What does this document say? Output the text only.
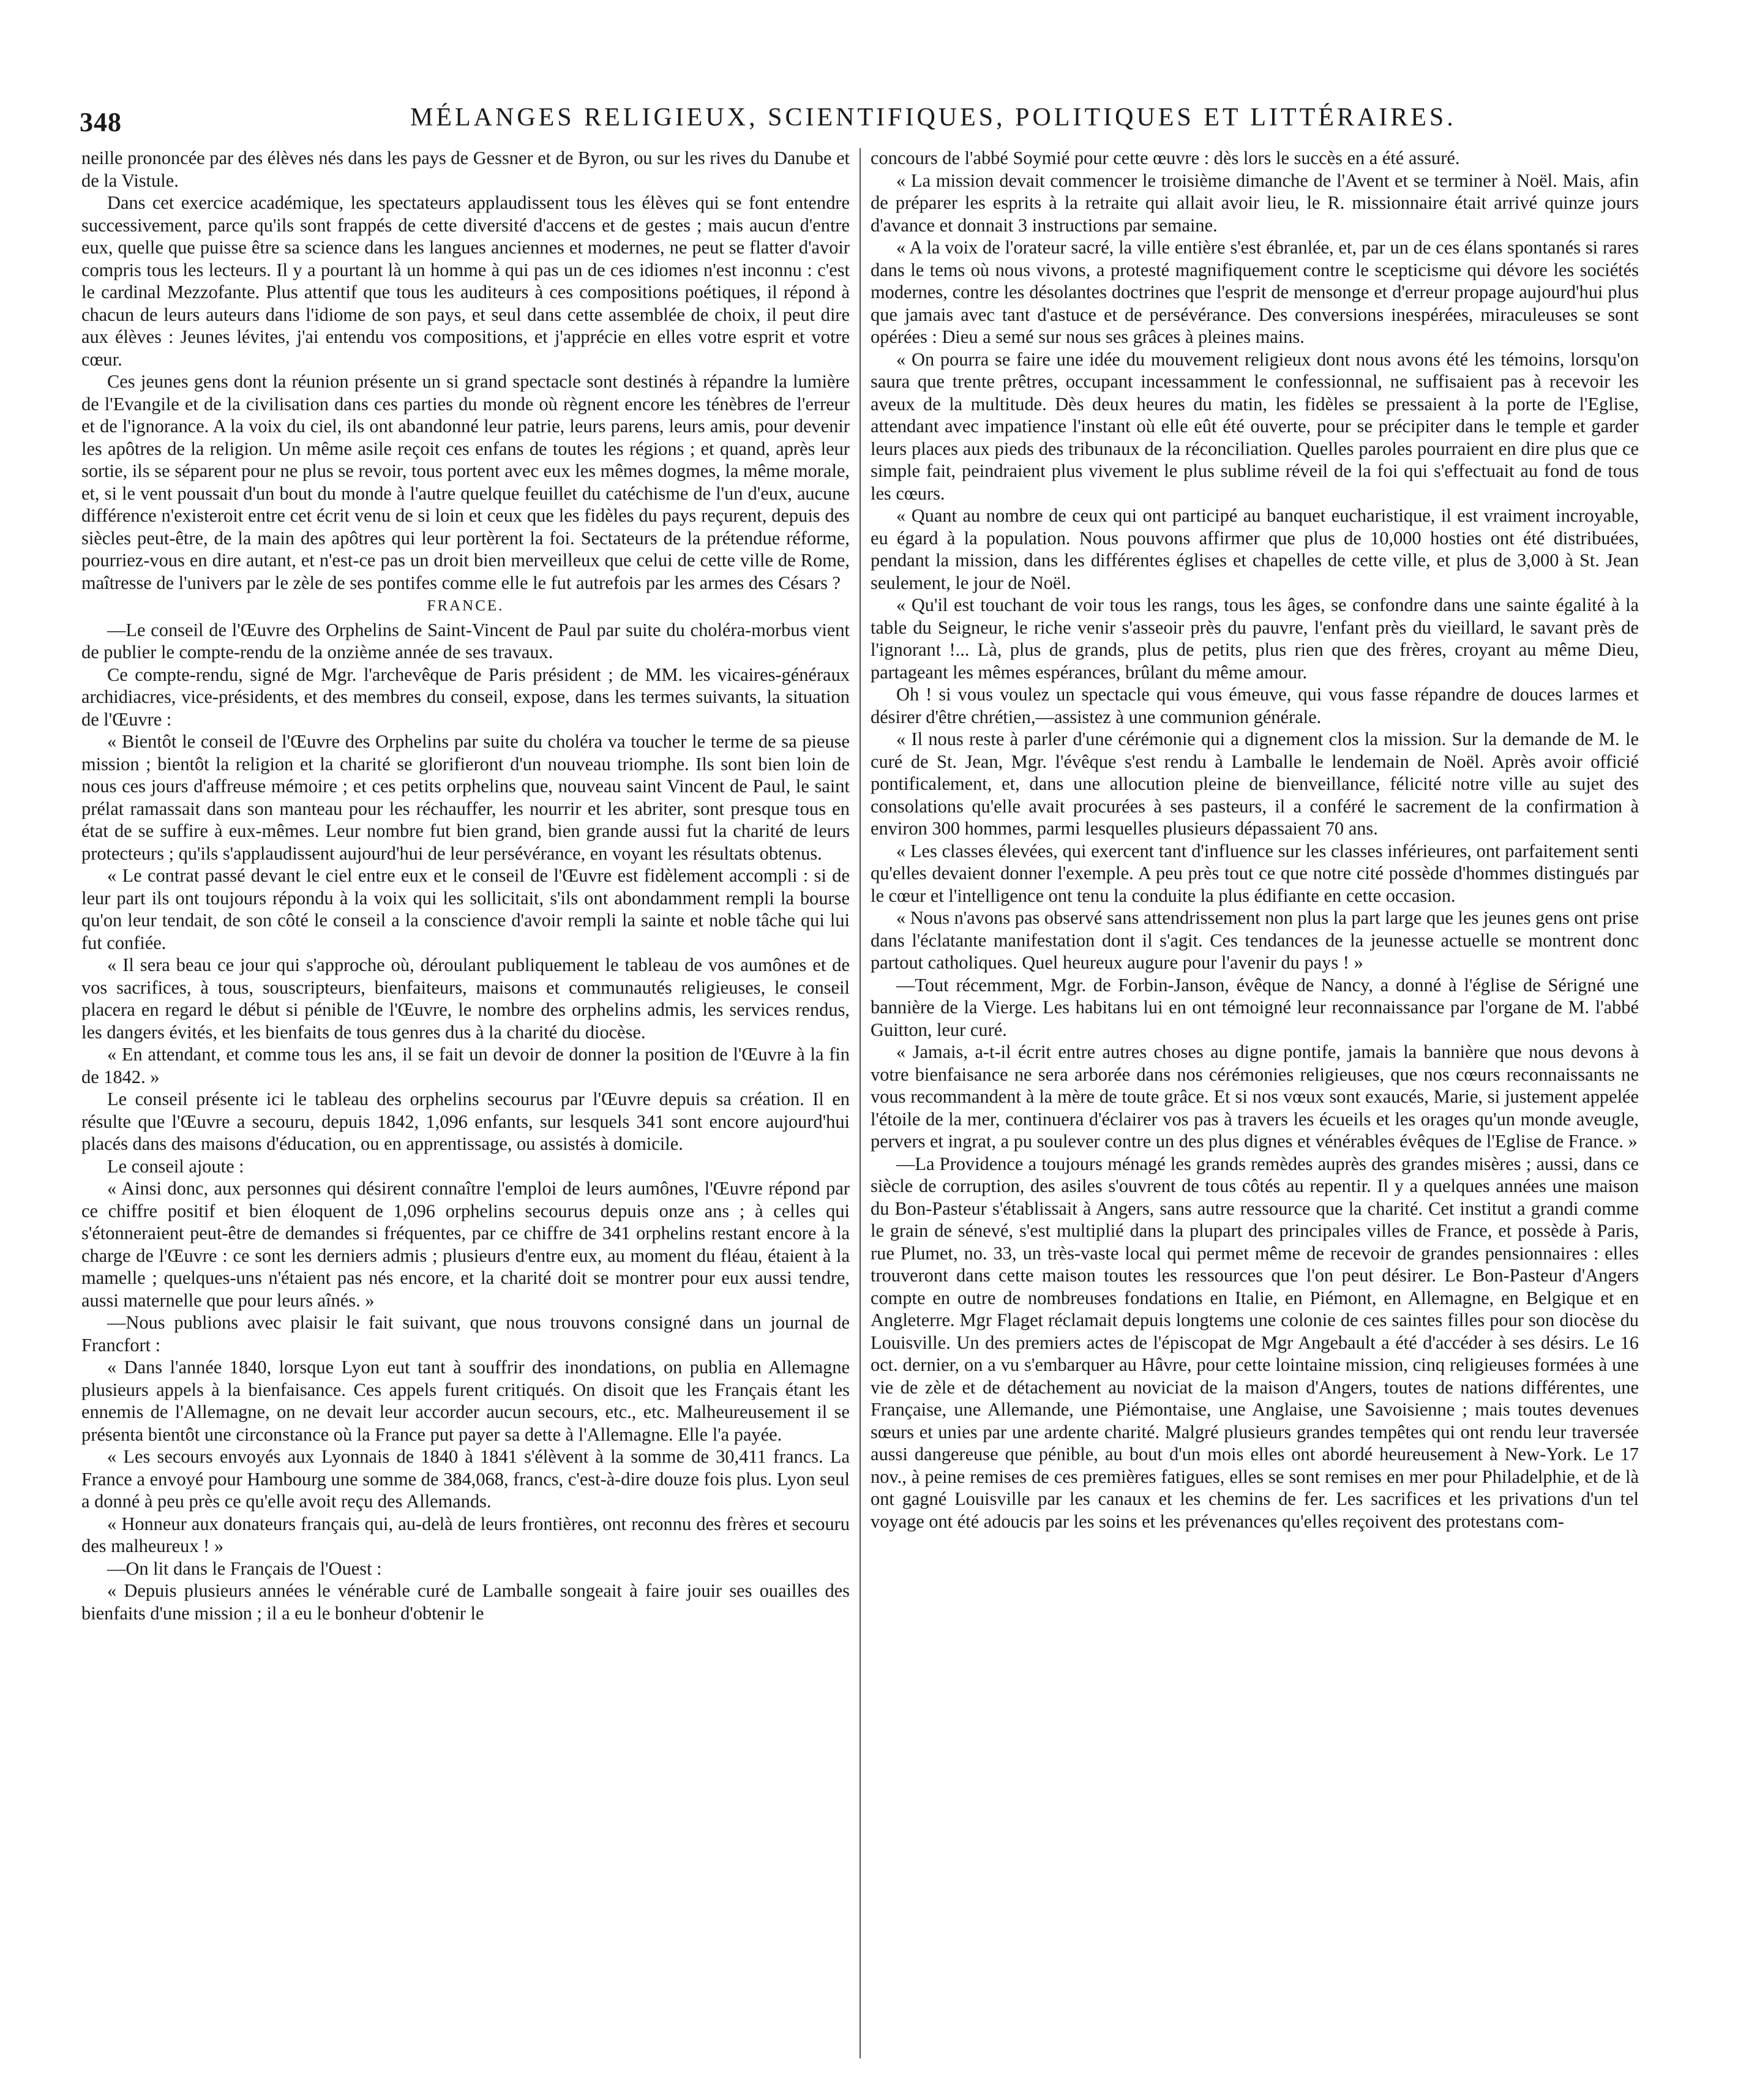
348	MÉLANGES RELIGIEUX, SCIENTIFIQUES, POLITIQUES ET LITTÉRAIRES.

neille prononcée par des élèves nés dans les pays de Gessner et de Byron, ou sur les rives du Danube et de la Vistule.

Dans cet exercice académique, les spectateurs applaudissent tous les élèves qui se font entendre successivement, parce qu'ils sont frappés de cette diversité d'accens et de gestes ; mais aucun d'entre eux, quelle que puisse être sa science dans les langues anciennes et modernes, ne peut se flatter d'avoir compris tous les lecteurs. Il y a pourtant là un homme à qui pas un de ces idiomes n'est inconnu : c'est le cardinal Mezzofante. Plus attentif que tous les auditeurs à ces compositions poétiques, il répond à chacun de leurs auteurs dans l'idiome de son pays, et seul dans cette assemblée de choix, il peut dire aux élèves : Jeunes lévites, j'ai entendu vos compositions, et j'apprécie en elles votre esprit et votre cœur.

Ces jeunes gens dont la réunion présente un si grand spectacle sont destinés à répandre la lumière de l'Evangile et de la civilisation dans ces parties du monde où règnent encore les ténèbres de l'erreur et de l'ignorance. A la voix du ciel, ils ont abandonné leur patrie, leurs parens, leurs amis, pour devenir les apôtres de la religion. Un même asile reçoit ces enfans de toutes les régions ; et quand, après leur sortie, ils se séparent pour ne plus se revoir, tous portent avec eux les mêmes dogmes, la même morale, et, si le vent poussait d'un bout du monde à l'autre quelque feuillet du catéchisme de l'un d'eux, aucune différence n'existeroit entre cet écrit venu de si loin et ceux que les fidèles du pays reçurent, depuis des siècles peut-être, de la main des apôtres qui leur portèrent la foi. Sectateurs de la prétendue réforme, pourriez-vous en dire autant, et n'est-ce pas un droit bien merveilleux que celui de cette ville de Rome, maîtresse de l'univers par le zèle de ses pontifes comme elle le fut autrefois par les armes des Césars ?

FRANCE.

—Le conseil de l'Œuvre des Orphelins de Saint-Vincent de Paul par suite du choléra-morbus vient de publier le compte-rendu de la onzième année de ses travaux.

Ce compte-rendu, signé de Mgr. l'archevêque de Paris président ; de MM. les vicaires-généraux archidiacres, vice-présidents, et des membres du conseil, expose, dans les termes suivants, la situation de l'Œuvre :

« Bientôt le conseil de l'Œuvre des Orphelins par suite du choléra va toucher le terme de sa pieuse mission ; bientôt la religion et la charité se glorifieront d'un nouveau triomphe. Ils sont bien loin de nous ces jours d'affreuse mémoire ; et ces petits orphelins que, nouveau saint Vincent de Paul, le saint prélat ramassait dans son manteau pour les réchauffer, les nourrir et les abriter, sont presque tous en état de se suffire à eux-mêmes. Leur nombre fut bien grand, bien grande aussi fut la charité de leurs protecteurs ; qu'ils s'applaudissent aujourd'hui de leur persévérance, en voyant les résultats obtenus.

« Le contrat passé devant le ciel entre eux et le conseil de l'Œuvre est fidèlement accompli : si de leur part ils ont toujours répondu à la voix qui les sollicitait, s'ils ont abondamment rempli la bourse qu'on leur tendait, de son côté le conseil a la conscience d'avoir rempli la sainte et noble tâche qui lui fut confiée.

« Il sera beau ce jour qui s'approche où, déroulant publiquement le tableau de vos aumônes et de vos sacrifices, à tous, souscripteurs, bienfaiteurs, maisons et communautés religieuses, le conseil placera en regard le début si pénible de l'Œuvre, le nombre des orphelins admis, les services rendus, les dangers évités, et les bienfaits de tous genres dus à la charité du diocèse.

« En attendant, et comme tous les ans, il se fait un devoir de donner la position de l'Œuvre à la fin de 1842. »

Le conseil présente ici le tableau des orphelins secourus par l'Œuvre depuis sa création. Il en résulte que l'Œuvre a secouru, depuis 1842, 1,096 enfants, sur lesquels 341 sont encore aujourd'hui placés dans des maisons d'éducation, ou en apprentissage, ou assistés à domicile.

Le conseil ajoute :

« Ainsi donc, aux personnes qui désirent connaître l'emploi de leurs aumônes, l'Œuvre répond par ce chiffre positif et bien éloquent de 1,096 orphelins secourus depuis onze ans ; à celles qui s'étonneraient peut-être de demandes si fréquentes, par ce chiffre de 341 orphelins restant encore à la charge de l'Œuvre : ce sont les derniers admis ; plusieurs d'entre eux, au moment du fléau, étaient à la mamelle ; quelques-uns n'étaient pas nés encore, et la charité doit se montrer pour eux aussi tendre, aussi maternelle que pour leurs aînés. »

—Nous publions avec plaisir le fait suivant, que nous trouvons consigné dans un journal de Francfort :

« Dans l'année 1840, lorsque Lyon eut tant à souffrir des inondations, on publia en Allemagne plusieurs appels à la bienfaisance. Ces appels furent critiqués. On disoit que les Français étant les ennemis de l'Allemagne, on ne devait leur accorder aucun secours, etc., etc. Malheureusement il se présenta bientôt une circonstance où la France put payer sa dette à l'Allemagne. Elle l'a payée.

« Les secours envoyés aux Lyonnais de 1840 à 1841 s'élèvent à la somme de 30,411 francs. La France a envoyé pour Hambourg une somme de 384,068, francs, c'est-à-dire douze fois plus. Lyon seul a donné à peu près ce qu'elle avoit reçu des Allemands.

« Honneur aux donateurs français qui, au-delà de leurs frontières, ont reconnu des frères et secouru des malheureux ! »

—On lit dans le Français de l'Ouest :

« Depuis plusieurs années le vénérable curé de Lamballe songeait à faire jouir ses ouailles des bienfaits d'une mission ; il a eu le bonheur d'obtenir le

concours de l'abbé Soymié pour cette œuvre : dès lors le succès en a été assuré.

« La mission devait commencer le troisième dimanche de l'Avent et se terminer à Noël. Mais, afin de préparer les esprits à la retraite qui allait avoir lieu, le R. missionnaire était arrivé quinze jours d'avance et donnait 3 instructions par semaine.

« A la voix de l'orateur sacré, la ville entière s'est ébranlée, et, par un de ces élans spontanés si rares dans le tems où nous vivons, a protesté magnifiquement contre le scepticisme qui dévore les sociétés modernes, contre les désolantes doctrines que l'esprit de mensonge et d'erreur propage aujourd'hui plus que jamais avec tant d'astuce et de persévérance. Des conversions inespérées, miraculeuses se sont opérées : Dieu a semé sur nous ses grâces à pleines mains.

« On pourra se faire une idée du mouvement religieux dont nous avons été les témoins, lorsqu'on saura que trente prêtres, occupant incessamment le confessionnal, ne suffisaient pas à recevoir les aveux de la multitude. Dès deux heures du matin, les fidèles se pressaient à la porte de l'Eglise, attendant avec impatience l'instant où elle eût été ouverte, pour se précipiter dans le temple et garder leurs places aux pieds des tribunaux de la réconciliation. Quelles paroles pourraient en dire plus que ce simple fait, peindraient plus vivement le plus sublime réveil de la foi qui s'effectuait au fond de tous les cœurs.

« Quant au nombre de ceux qui ont participé au banquet eucharistique, il est vraiment incroyable, eu égard à la population. Nous pouvons affirmer que plus de 10,000 hosties ont été distribuées, pendant la mission, dans les différentes églises et chapelles de cette ville, et plus de 3,000 à St. Jean seulement, le jour de Noël.

« Qu'il est touchant de voir tous les rangs, tous les âges, se confondre dans une sainte égalité à la table du Seigneur, le riche venir s'asseoir près du pauvre, l'enfant près du vieillard, le savant près de l'ignorant !... Là, plus de grands, plus de petits, plus rien que des frères, croyant au même Dieu, partageant les mêmes espérances, brûlant du même amour.

Oh ! si vous voulez un spectacle qui vous émeuve, qui vous fasse répandre de douces larmes et désirer d'être chrétien,—assistez à une communion générale.

« Il nous reste à parler d'une cérémonie qui a dignement clos la mission. Sur la demande de M. le curé de St. Jean, Mgr. l'évêque s'est rendu à Lamballe le lendemain de Noël. Après avoir officié pontificalement, et, dans une allocution pleine de bienveillance, félicité notre ville au sujet des consolations qu'elle avait procurées à ses pasteurs, il a conféré le sacrement de la confirmation à environ 300 hommes, parmi lesquelles plusieurs dépassaient 70 ans.

« Les classes élevées, qui exercent tant d'influence sur les classes inférieures, ont parfaitement senti qu'elles devaient donner l'exemple. A peu près tout ce que notre cité possède d'hommes distingués par le cœur et l'intelligence ont tenu la conduite la plus édifiante en cette occasion.

« Nous n'avons pas observé sans attendrissement non plus la part large que les jeunes gens ont prise dans l'éclatante manifestation dont il s'agit. Ces tendances de la jeunesse actuelle se montrent donc partout catholiques. Quel heureux augure pour l'avenir du pays ! »

—Tout récemment, Mgr. de Forbin-Janson, évêque de Nancy, a donné à l'église de Sérigné une bannière de la Vierge. Les habitans lui en ont témoigné leur reconnaissance par l'organe de M. l'abbé Guitton, leur curé.

« Jamais, a-t-il écrit entre autres choses au digne pontife, jamais la bannière que nous devons à votre bienfaisance ne sera arborée dans nos cérémonies religieuses, que nos cœurs reconnaissants ne vous recommandent à la mère de toute grâce. Et si nos vœux sont exaucés, Marie, si justement appelée l'étoile de la mer, continuera d'éclairer vos pas à travers les écueils et les orages qu'un monde aveugle, pervers et ingrat, a pu soulever contre un des plus dignes et vénérables évêques de l'Eglise de France. »

—La Providence a toujours ménagé les grands remèdes auprès des grandes misères ; aussi, dans ce siècle de corruption, des asiles s'ouvrent de tous côtés au repentir. Il y a quelques années une maison du Bon-Pasteur s'établissait à Angers, sans autre ressource que la charité. Cet institut a grandi comme le grain de sénevé, s'est multiplié dans la plupart des principales villes de France, et possède à Paris, rue Plumet, no. 33, un très-vaste local qui permet même de recevoir de grandes pensionnaires : elles trouveront dans cette maison toutes les ressources que l'on peut désirer. Le Bon-Pasteur d'Angers compte en outre de nombreuses fondations en Italie, en Piémont, en Allemagne, en Belgique et en Angleterre. Mgr Flaget réclamait depuis longtems une colonie de ces saintes filles pour son diocèse du Louisville. Un des premiers actes de l'épiscopat de Mgr Angebault a été d'accéder à ses désirs. Le 16 oct. dernier, on a vu s'embarquer au Hâvre, pour cette lointaine mission, cinq religieuses formées à une vie de zèle et de détachement au noviciat de la maison d'Angers, toutes de nations différentes, une Française, une Allemande, une Piémontaise, une Anglaise, une Savoisienne ; mais toutes devenues sœurs et unies par une ardente charité. Malgré plusieurs grandes tempêtes qui ont rendu leur traversée aussi dangereuse que pénible, au bout d'un mois elles ont abordé heureusement à New-York. Le 17 nov., à peine remises de ces premières fatigues, elles se sont remises en mer pour Philadelphie, et de là ont gagné Louisville par les canaux et les chemins de fer. Les sacrifices et les privations d'un tel voyage ont été adoucis par les soins et les prévenances qu'elles reçoivent des protestans com-
